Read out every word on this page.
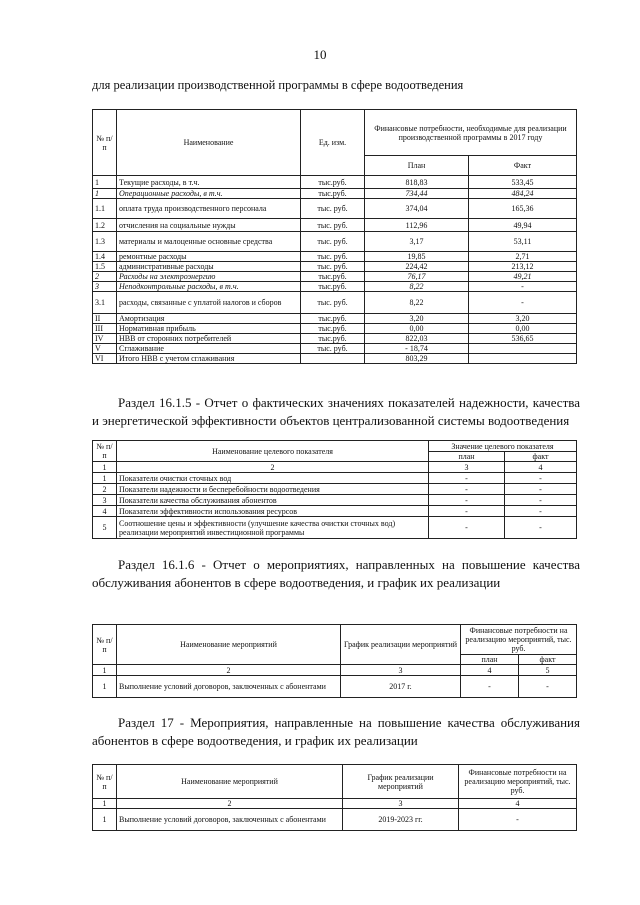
10
для реализации производственной программы в сфере водоотведения
№ п/п	Наименование	Ед. изм.	Финансовые потребности, необходимые для реализации производственной программы в 2017 году	
			План	Факт
1	Текущие расходы, в т.ч.	тыс.руб.	818,83	533,45
1	Операционные расходы, в т.ч.	тыс.руб.	734,44	484,24
1.1	оплата труда производственного персонала	тыс. руб.	374,04	165,36
1.2	отчисления на социальные нужды	тыс. руб.	112,96	49,94
1.3	материалы и малоценные основные средства	тыс. руб.	3,17	53,11
1.4	ремонтные расходы	тыс. руб.	19,85	2,71
1.5	административные расходы	тыс. руб.	224,42	213,12
2	Расходы на электроэнергию	тыс.руб.	76,17	49,21
3	Неподконтрольные расходы, в т.ч.	тыс.руб.	8,22	-
3.1	расходы, связанные с уплатой налогов и сборов	тыс. руб.	8,22	-
II	Амортизация	тыс.руб.	3,20	3,20
III	Нормативная прибыль	тыс.руб.	0,00	0,00
IV	НВВ от сторонних потребителей	тыс.руб.	822,03	536,65
V	Сглаживание	тыс. руб.	- 18,74	
VI	Итого НВВ с учетом сглаживания		803,29	
Раздел 16.1.5 - Отчет о фактических значениях показателей надежности, качества и энергетической эффективности объектов централизованной системы водоотведения
№ п/п	Наименование целевого показателя	Значение целевого показателя	
		план	факт
1	2	3	4
1	Показатели очистки сточных вод	-	-
2	Показатели надежности и бесперебойности водоотведения	-	-
3	Показатели качества обслуживания абонентов	-	-
4	Показатели эффективности использования ресурсов	-	-
5	Соотношение цены и эффективности (улучшение качества очистки сточных вод) реализации мероприятий инвестиционной программы	-	-
Раздел 16.1.6 - Отчет о мероприятиях, направленных на повышение качества обслуживания абонентов в сфере водоотведения, и график их реализации
№ п/п	Наименование мероприятий	График реализации мероприятий	Финансовые потребности на реализацию мероприятий, тыс. руб.	
			план	факт
1	2	3	4	5
1	Выполнение условий договоров, заключенных с абонентами	2017 г.	-	-
Раздел 17 - Мероприятия, направленные на повышение качества обслуживания абонентов в сфере водоотведения, и график их реализации
№ п/п	Наименование мероприятий	График реализации мероприятий	Финансовые потребности на реализацию мероприятий, тыс. руб.
1	2	3	4
1	Выполнение условий договоров, заключенных с абонентами	2019-2023 гг.	-
